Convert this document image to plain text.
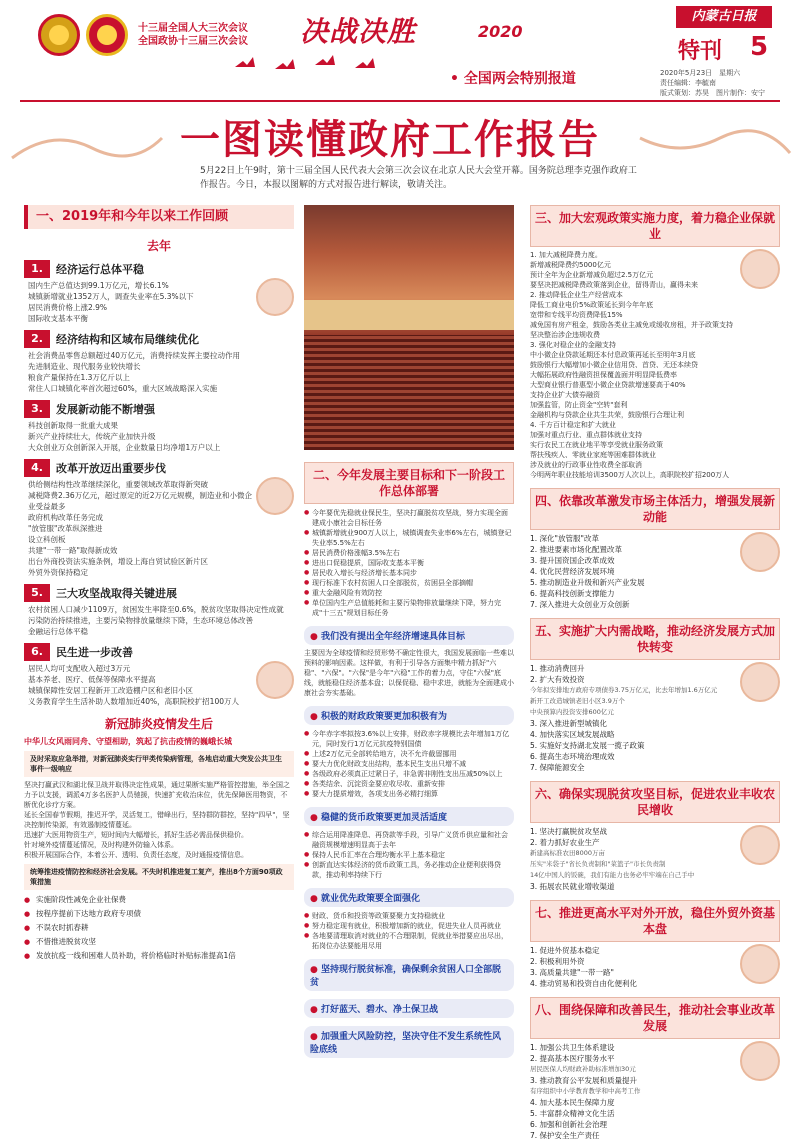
十三届全国人大三次会议
全国政协十三届三次会议 决战决胜	2020
• 全国两会特别报道
内蒙古日报
特刊 5
2020年5月23日　星期六
责任编辑：李毓南
版式策划：苏昊　图片制作：安宁
一图读懂政府工作报告
5月22日上午9时，第十三届全国人民代表大会第三次会议在北京人民大会堂开幕。国务院总理李克强作政府工作报告。今日，本报以图解的方式对报告进行解读，敬请关注。
一、2019年和今年以来工作回顾
去年
1.	经济运行总体平稳
国内生产总值达到99.1万亿元，增长6.1%
城镇新增就业1352万人，调查失业率在5.3%以下
居民消费价格上涨2.9%
国际收支基本平衡
2.	经济结构和区域布局继续优化
社会消费品零售总额超过40万亿元，消费持续发挥主要拉动作用
先进制造业、现代服务业较快增长
粮食产量保持在1.3万亿斤以上
常住人口城镇化率首次超过60%，重大区域战略深入实施
3.	发展新动能不断增强
科技创新取得一批重大成果
新兴产业持续壮大，传统产业加快升级
大众创业万众创新深入开展，企业数量日均净增1万户以上
4.	改革开放迈出重要步伐
供给侧结构性改革继续深化，重要领域改革取得新突破
减税降费2.36万亿元，超过原定的近2万亿元规模，制造业和小微企业受益最多
政府机构改革任务完成
"放管服"改革纵深推进
设立科创板
共建"一带一路"取得新成效
出台外商投资法实施条例，增设上海自贸试验区新片区
外贸外资保持稳定
5.	三大攻坚战取得关键进展
农村贫困人口减少1109万，贫困发生率降至0.6%，脱贫攻坚取得决定性成就
污染防治持续推进，主要污染物排放量继续下降，生态环境总体改善
金融运行总体平稳
6.	民生进一步改善
居民人均可支配收入超过3万元
基本养老、医疗、低保等保障水平提高
城镇保障性安居工程新开工改造棚户区和老旧小区
义务教育学生生活补助人数增加近40%，高职院校扩招100万人
新冠肺炎疫情发生后
中华儿女风雨同舟、守望相助，筑起了抗击疫情的巍峨长城
及时采取应急举措，对新冠肺炎实行甲类传染病管理，各地启动重大突发公共卫生事件一级响应
坚决打赢武汉和湖北保卫战并取得决定性成果，通过果断实施严格管控措施，举全国之力予以支援，调派4万多名医护人员驰援，快速扩充收治床位，优先保障医用物资，不断优化诊疗方案。
延长全国春节假期，推迟开学，灵活复工，错峰出行，坚持群防群控，坚持"四早"，坚决控制传染源，有效遏制疫情蔓延。
迅速扩大医用物资生产，短时间内大幅增长，抓好生活必需品保供稳价。
针对境外疫情蔓延情况，及时构建外防输入体系。
积极开展国际合作，本着公开、透明、负责任态度，及时通报疫情信息。
统筹推进疫情防控和经济社会发展。不失时机推进复工复产，推出8个方面90项政策措施
● 实施阶段性减免企业社保费
● 按程序提前下达地方政府专项债
● 不误农时抓春耕
● 不惜推进脱贫攻坚
● 发放抗疫一线和困难人员补助，将价格临时补贴标准提高1倍
二、今年发展主要目标和下一阶段工作总体部署
● 今年要优先稳就业保民生，坚决打赢脱贫攻坚战，努力实现全面建成小康社会目标任务
● 城镇新增就业900万人以上，城镇调查失业率6%左右，城镇登记失业率5.5%左右
● 居民消费价格涨幅3.5%左右
● 进出口促稳提质，国际收支基本平衡
● 居民收入增长与经济增长基本同步
● 现行标准下农村贫困人口全部脱贫，贫困县全部摘帽
● 重大金融风险有效防控
● 单位国内生产总值能耗和主要污染物排放量继续下降，努力完成"十三五"规划目标任务
● 我们没有提出全年经济增速具体目标
主要因为全球疫情和经贸形势不确定性很大，我国发展面临一些难以预料的影响因素。这样做，有利于引导各方面集中精力抓好"六稳"、"六保"。"六保"是今年"六稳"工作的着力点，守住"六保"底线，就能稳住经济基本盘；以保促稳、稳中求进，就能为全面建成小康社会夯实基础。
● 积极的财政政策要更加积极有为
● 今年赤字率拟按3.6%以上安排，财政赤字规模比去年增加1万亿元，同时发行1万亿元抗疫特别国债
● 上述2万亿元全部转给地方，决不允许截留挪用
● 要大力优化财政支出结构，基本民生支出只增不减
● 各级政府必须真正过紧日子，非急需非刚性支出压减50%以上
● 各类结余、沉淀资金要应收尽收、重新安排
● 要大力提质增效，各项支出务必精打细算
● 稳健的货币政策要更加灵活适度
● 综合运用降准降息、再贷款等手段，引导广义货币供应量和社会融资规模增速明显高于去年
● 保持人民币汇率在合理均衡水平上基本稳定
● 创新直达实体经济的货币政策工具，务必推动企业便利获得贷款，推动利率持续下行
● 就业优先政策要全面强化
● 财政、货币和投资等政策要聚力支持稳就业
● 努力稳定现有就业，积极增加新的就业，促进失业人员再就业
● 各地要清理取消对就业的不合理限制，促就业举措要应出尽出，拓岗位办法要能用尽用
● 坚持现行脱贫标准，确保剩余贫困人口全部脱贫
● 打好蓝天、碧水、净土保卫战
● 加强重大风险防控，坚决守住不发生系统性风险底线
三、加大宏观政策实施力度，着力稳企业保就业
1. 加大减税降费力度。
新增减税降费约5000亿元
预计全年为企业新增减负超过2.5万亿元
要坚决把减税降费政策落到企业，留得青山，赢得未来
2. 推动降低企业生产经营成本
降低工商业电价5%政策延长到今年年底
宽带和专线平均资费降低15%
减免国有房产租金，鼓励各类业主减免或缓收房租，并予政策支持
坚决整治涉企违规收费
3. 强化对稳企业的金融支持
中小微企业贷款延期还本付息政策再延长至明年3月底
鼓励银行大幅增加小微企业信用贷、首贷、无还本续贷
大幅拓展政府性融资担保覆盖面并明显降低费率
大型商业银行普惠型小微企业贷款增速要高于40%
支持企业扩大债券融资
加强监管，防止资金"空转"套利
金融机构与贷款企业共生共荣，鼓励银行合理让利
4. 千方百计稳定和扩大就业
加强对重点行业、重点群体就业支持
实行农民工在就业地平等享受就业服务政策
帮扶残疾人、零就业家庭等困难群体就业
涉及就业的行政事业性收费全部取消
今明两年职业技能培训3500万人次以上，高职院校扩招200万人
四、依靠改革激发市场主体活力，增强发展新动能
1. 深化"放管服"改革
2. 推进要素市场化配置改革
3. 提升国资国企改革成效
4. 优化民营经济发展环境
5. 推动制造业升级和新兴产业发展
6. 提高科技创新支撑能力
7. 深入推进大众创业万众创新
五、实施扩大内需战略，推动经济发展方式加快转变
1. 推动消费回升
2. 扩大有效投资
今年拟安排地方政府专项债券3.75万亿元，比去年增加1.6万亿元
新开工改造城镇老旧小区3.9万个
中央预算内投资安排600亿元
3. 深入推进新型城镇化
4. 加快落实区域发展战略
5. 实施好支持湖北发展一揽子政策
6. 提高生态环境治理成效
7. 保障能源安全
六、确保实现脱贫攻坚目标，促进农业丰收农民增收
1. 坚决打赢脱贫攻坚战
2. 着力抓好农业生产
新建高标准农田8000万亩
压实"米袋子"省长负责制和"菜篮子"市长负责制
14亿中国人的饭碗，我们有能力也务必牢牢端在自己手中
3. 拓展农民就业增收渠道
七、推进更高水平对外开放，稳住外贸外资基本盘
1. 促进外贸基本稳定
2. 积极利用外资
3. 高质量共建"一带一路"
4. 推动贸易和投资自由化便利化
八、围绕保障和改善民生，推动社会事业改革发展
1. 加强公共卫生体系建设
2. 提高基本医疗服务水平
居民医保人均财政补助标准增加30元
3. 推动教育公平发展和质量提升
有序组织中小学教育教学和中高考工作
4. 加大基本民生保障力度
5. 丰富群众精神文化生活
6. 加强和创新社会治理
7. 保护安全生产责任
